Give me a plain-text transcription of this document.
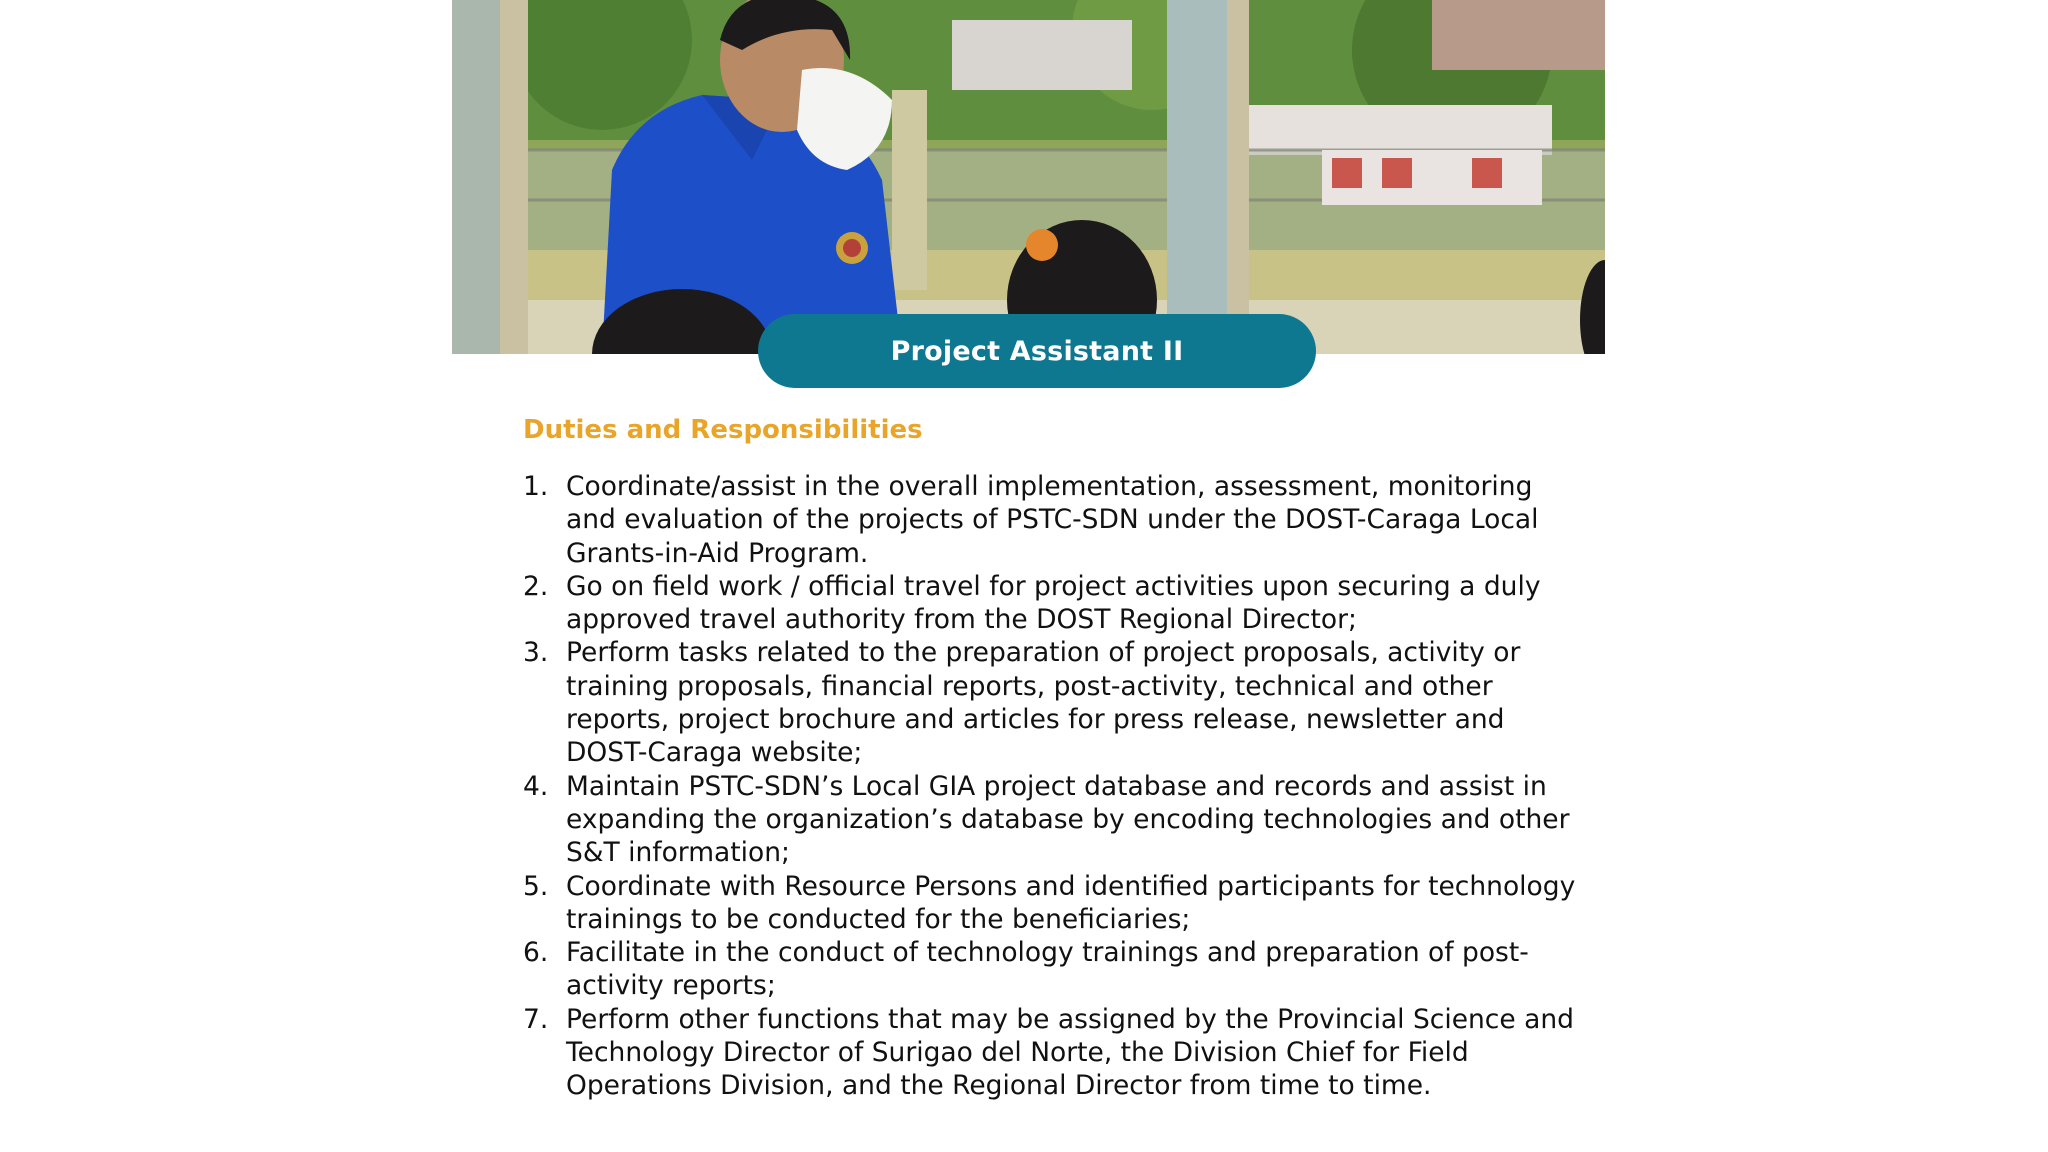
Project Assistant II
Duties and Responsibilities
1. Coordinate/assist in the overall implementation, assessment, monitoring and evaluation of the projects of PSTC-SDN under the DOST-Caraga Local Grants-in-Aid Program.
2. Go on field work / official travel for project activities upon securing a duly approved travel authority from the DOST Regional Director;
3. Perform tasks related to the preparation of project proposals, activity or training proposals, financial reports, post-activity, technical and other reports, project brochure and articles for press release, newsletter and DOST-Caraga website;
4. Maintain PSTC-SDN’s Local GIA project database and records and assist in expanding the organization’s database by encoding technologies and other S&T information;
5. Coordinate with Resource Persons and identified participants for technology trainings to be conducted for the beneficiaries;
6. Facilitate in the conduct of technology trainings and preparation of post-activity reports;
7. Perform other functions that may be assigned by the Provincial Science and Technology Director of Surigao del Norte, the Division Chief for Field Operations Division, and the Regional Director from time to time.
